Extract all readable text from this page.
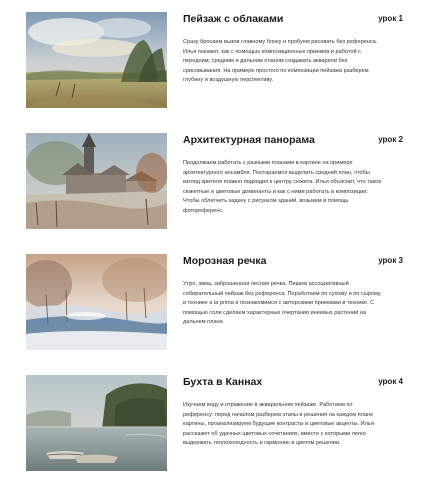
Пейзаж с облаками	урок 1

Сразу бросаем вызов главному блоку и пробуем рисовать без референса. Илья покажет, как с помощью композиционных приемов и работой с передним, средним и дальним планом создавать акварели без срисовывания. На примере простого по композиции пейзажа разберем глубину и воздушную перспективу.

Архитектурная панорама	урок 2

Продолжаем работать с разными планами в картине на примере архитектурного ансамбля. Постараемся выделить средний план, чтобы взгляд зрителя плавно подходил к центру сюжета. Илья объяснит, что такое сюжетные и цветовые доминанты и как с ними работать в композиции. Чтобы облегчить задачу с рисунком зданий, возьмем в помощь фотореференс.

Морозная речка	урок 3

Утро, зима, заброшенная лесная речка. Пишем ассоциативный собирательный пейзаж без референса. Поработаем по сухому и по сырому в технике a la prima и познакомимся с авторскими приемами в технике. С помощью соли сделаем характерные очертания инеевых растений на дальнем плане.

Бухта в Каннах	урок 4

Изучаем воду и отражение в акварельном пейзаже. Работаем по референсу: перед началом разберем этапы и решения на каждом плане картины, проанализируем будущие контрасты и цветовые акценты. Илья расскажет об удачных цветовых сочетаниях, вместе с которыми легко выдержать теплохолодность и гармонию в цветом решении.
